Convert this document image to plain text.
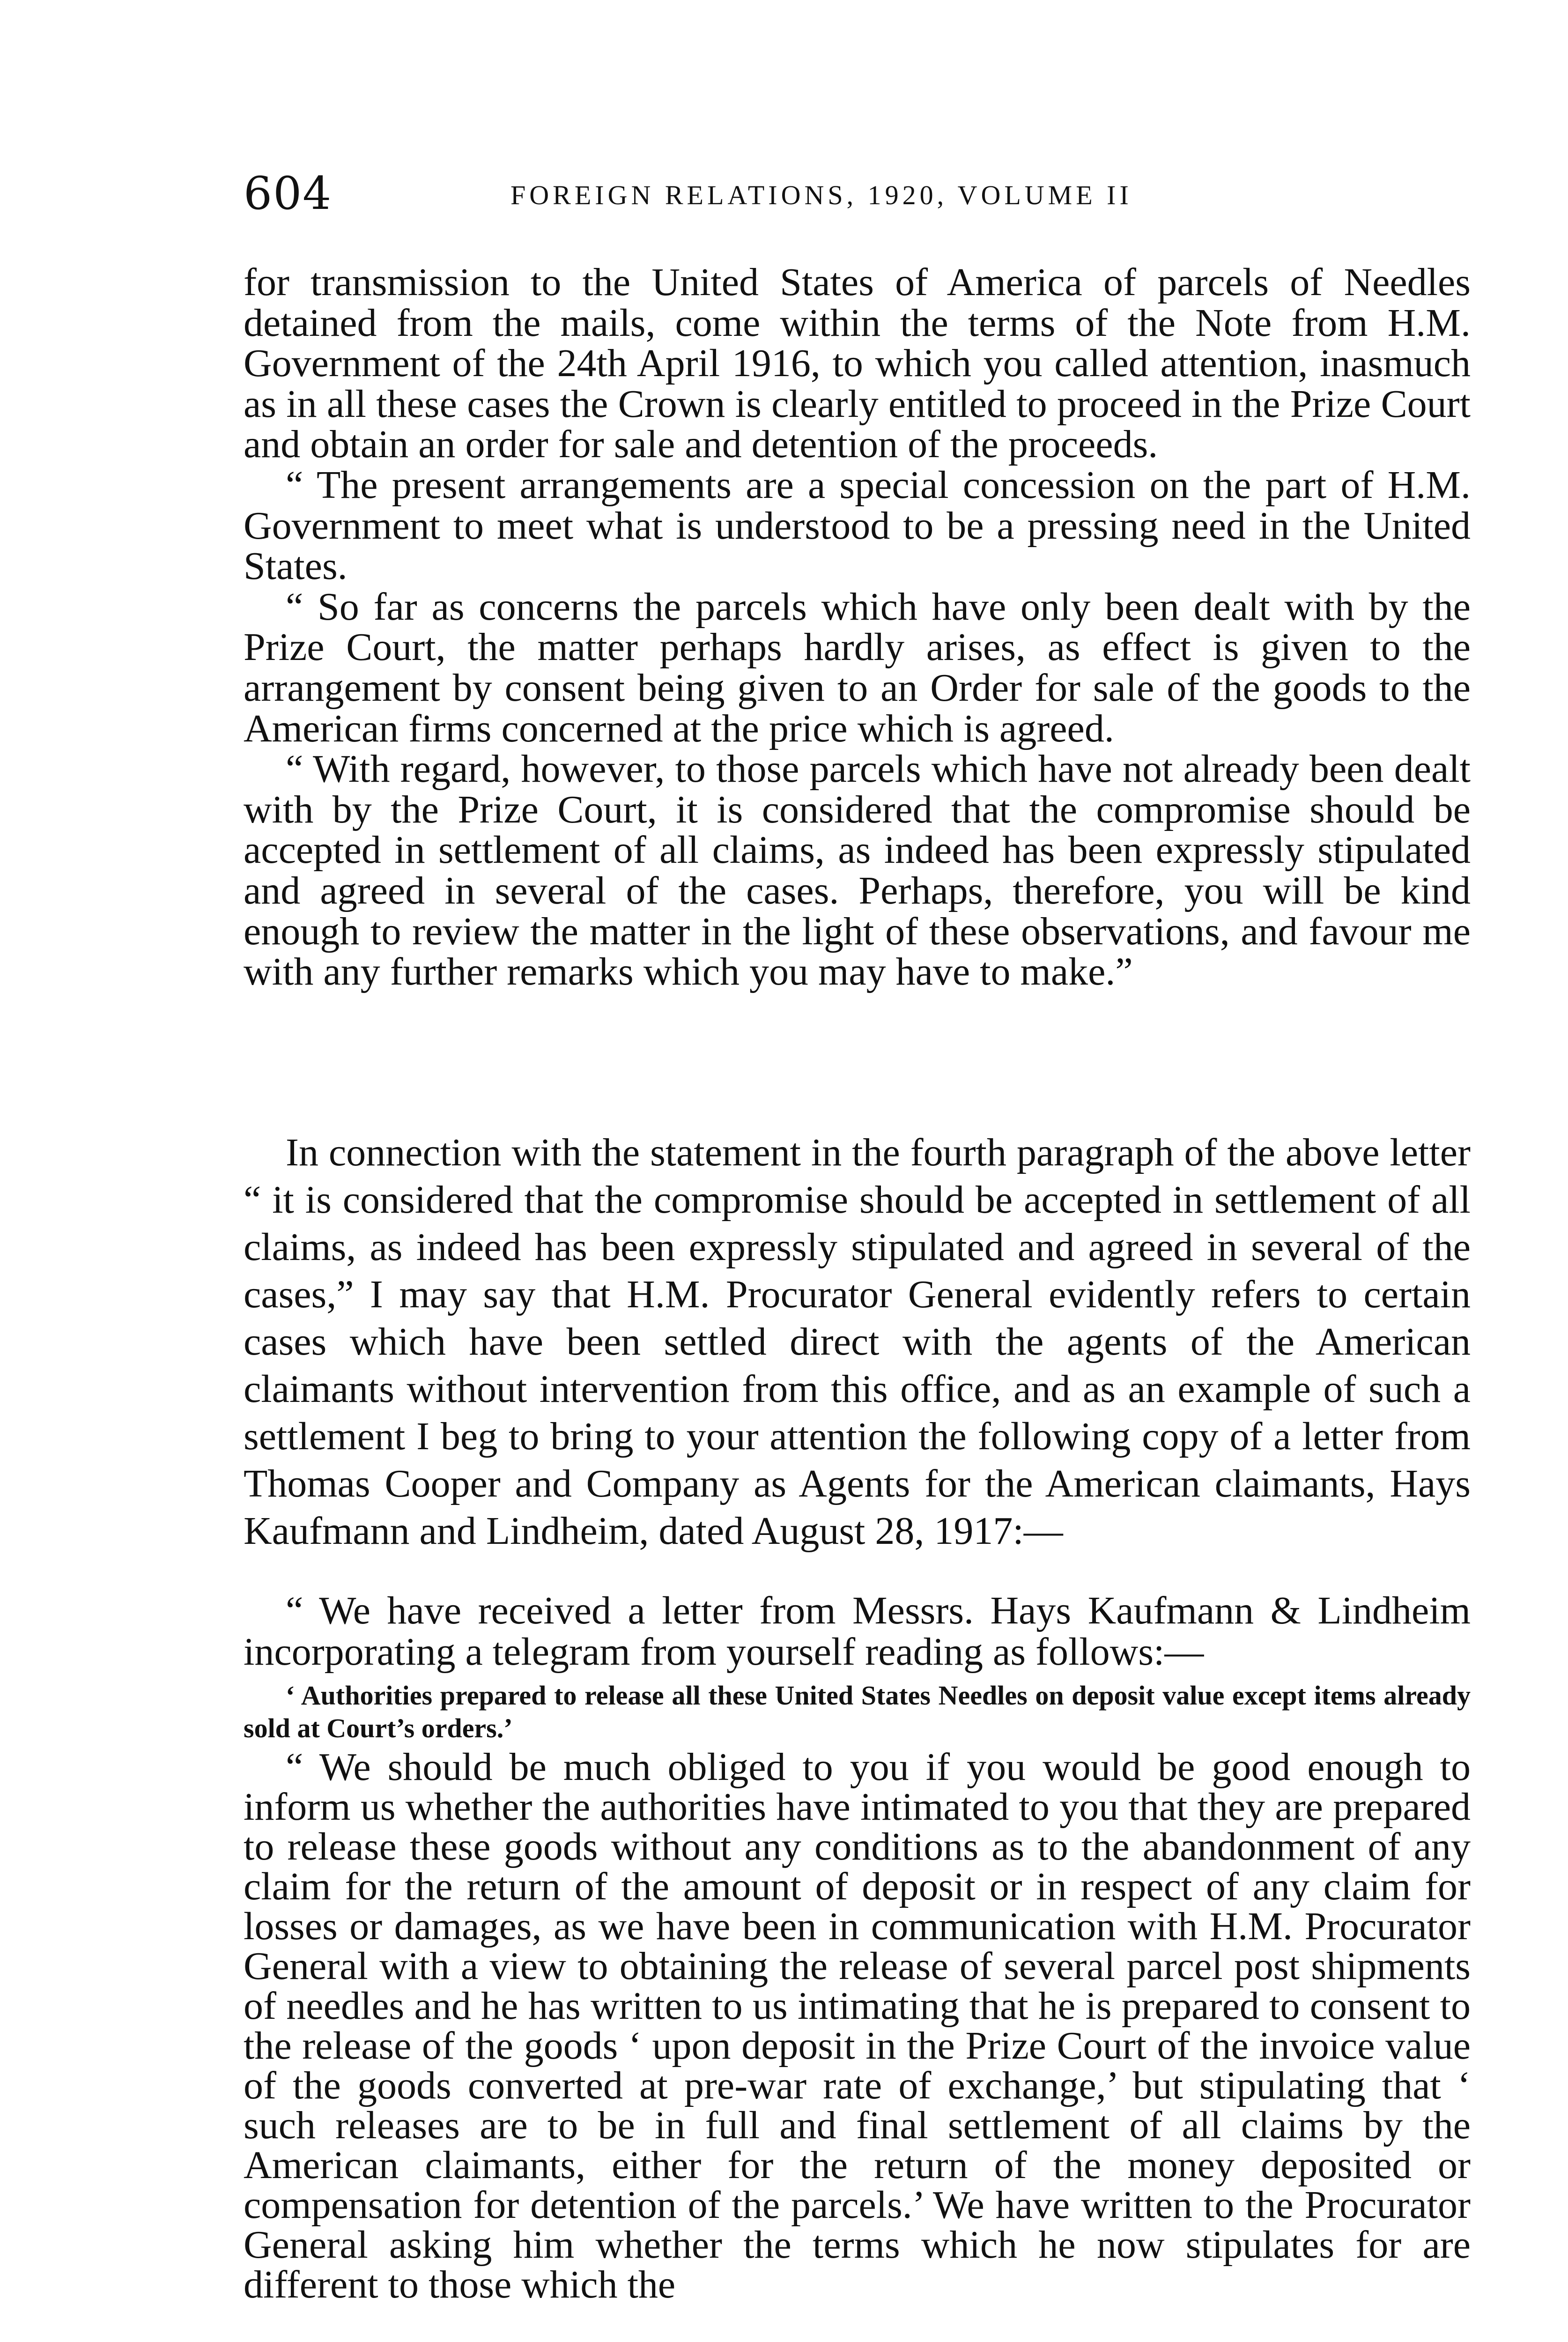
604	FOREIGN RELATIONS, 1920, VOLUME II

for transmission to the United States of America of parcels of Needles detained from the mails, come within the terms of the Note from H.M. Government of the 24th April 1916, to which you called attention, inasmuch as in all these cases the Crown is clearly entitled to proceed in the Prize Court and obtain an order for sale and detention of the proceeds.

“ The present arrangements are a special concession on the part of H.M. Government to meet what is understood to be a pressing need in the United States.

“ So far as concerns the parcels which have only been dealt with by the Prize Court, the matter perhaps hardly arises, as effect is given to the arrangement by consent being given to an Order for sale of the goods to the American firms concerned at the price which is agreed.

“ With regard, however, to those parcels which have not already been dealt with by the Prize Court, it is considered that the compromise should be accepted in settlement of all claims, as indeed has been expressly stipulated and agreed in several of the cases. Perhaps, therefore, you will be kind enough to review the matter in the light of these observations, and favour me with any further remarks which you may have to make.”

In connection with the statement in the fourth paragraph of the above letter “ it is considered that the compromise should be accepted in settlement of all claims, as indeed has been expressly stipulated and agreed in several of the cases,” I may say that H.M. Procurator General evidently refers to certain cases which have been settled direct with the agents of the American claimants without intervention from this office, and as an example of such a settlement I beg to bring to your attention the following copy of a letter from Thomas Cooper and Company as Agents for the American claimants, Hays Kaufmann and Lindheim, dated August 28, 1917:—

“ We have received a letter from Messrs. Hays Kaufmann & Lindheim incorporating a telegram from yourself reading as follows:—

‘ Authorities prepared to release all these United States Needles on deposit value except items already sold at Court’s orders.’

“ We should be much obliged to you if you would be good enough to inform us whether the authorities have intimated to you that they are prepared to release these goods without any conditions as to the abandonment of any claim for the return of the amount of deposit or in respect of any claim for losses or damages, as we have been in communication with H.M. Procurator General with a view to obtaining the release of several parcel post shipments of needles and he has written to us intimating that he is prepared to consent to the release of the goods ‘ upon deposit in the Prize Court of the invoice value of the goods converted at pre-war rate of exchange,’ but stipulating that ‘ such releases are to be in full and final settlement of all claims by the American claimants, either for the return of the money deposited or compensation for detention of the parcels.’ We have written to the Procurator General asking him whether the terms which he now stipulates for are different to those which the
